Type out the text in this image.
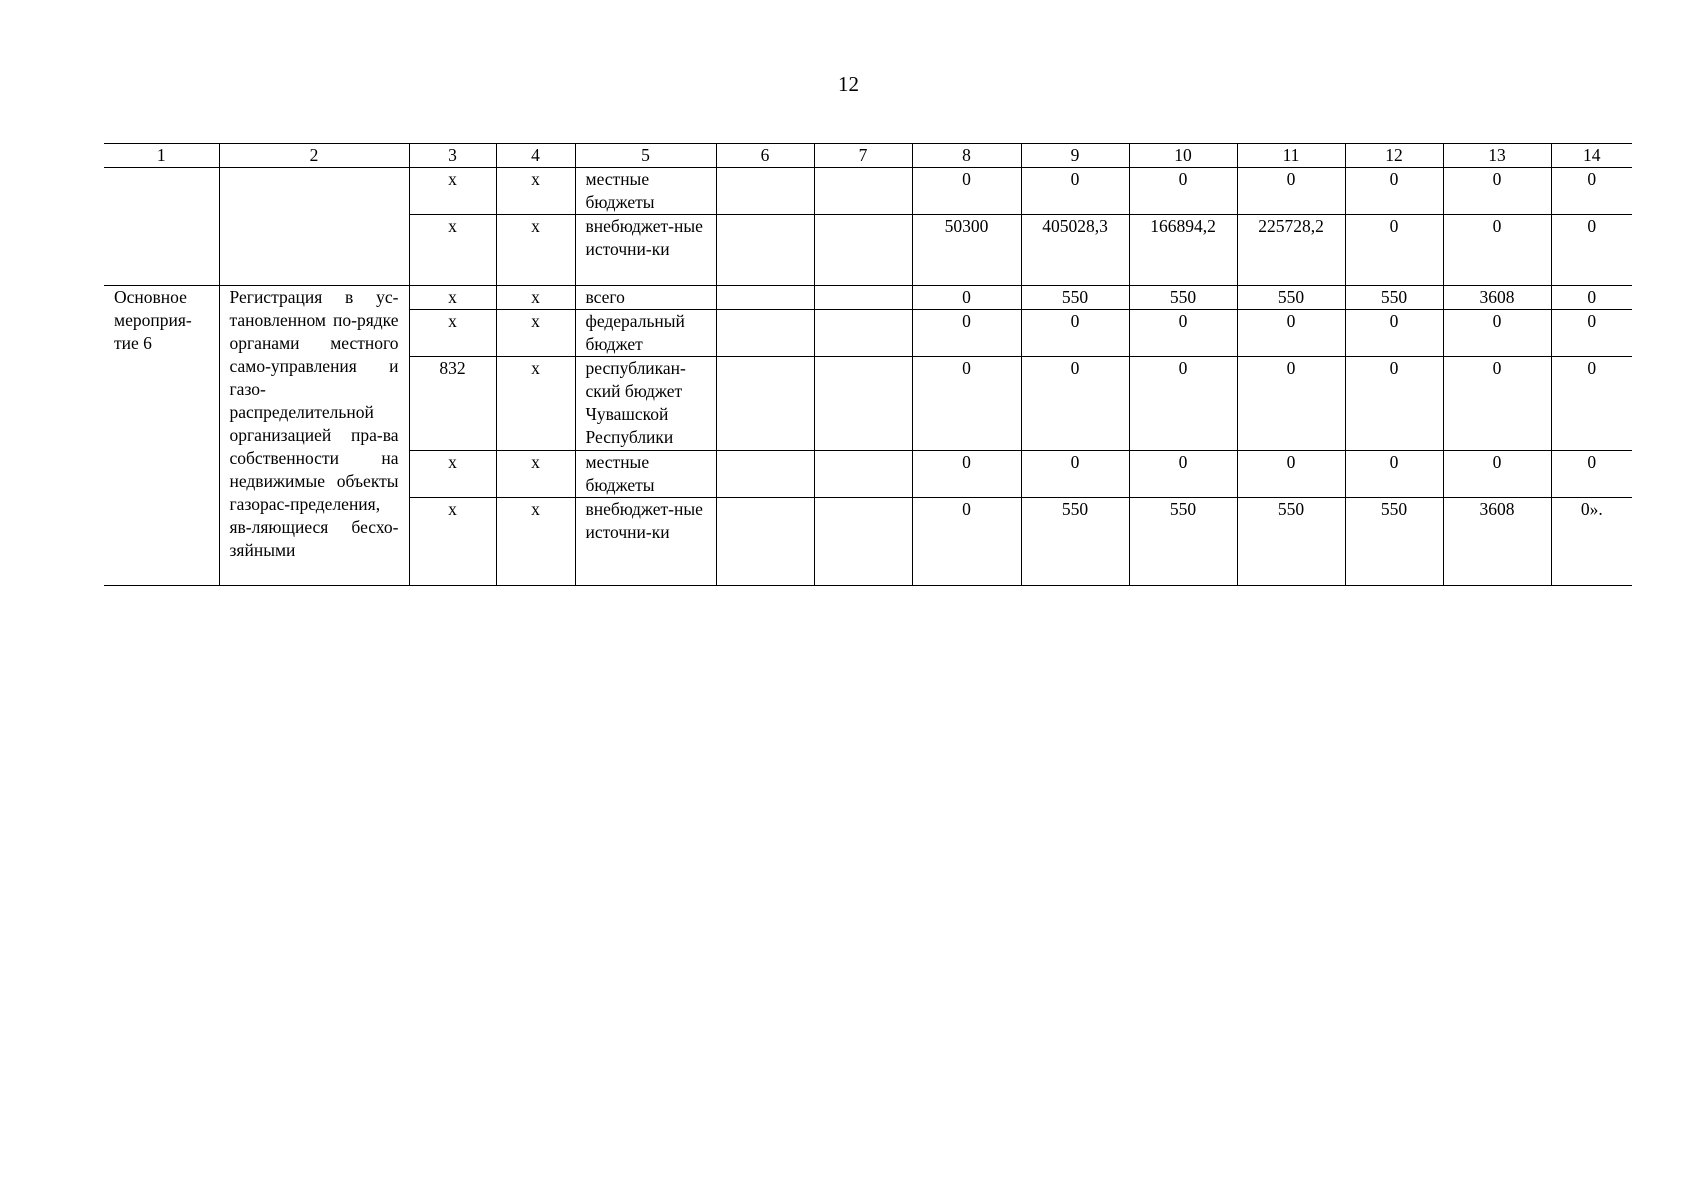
12
1	2	3	4	5	6	7	8	9	10	11	12	13	14
		х	х	местные бюджеты			0	0	0	0	0	0	0
		х	х	внебюджет-ные источни-ки			50300	405028,3	166894,2	225728,2	0	0	0
Основное мероприя-тие 6	Регистрация в ус-тановленном по-рядке органами местного само-управления и газо-распределительной организацией пра-ва собственности на недвижимые объекты газорас-пределения, яв-ляющиеся бесхо-зяйными	х	х	всего			0	550	550	550	550	3608	0
		х	х	федеральный бюджет			0	0	0	0	0	0	0
		832	х	республикан-ский бюджет Чувашской Республики			0	0	0	0	0	0	0
		х	х	местные бюджеты			0	0	0	0	0	0	0
		х	х	внебюджет-ные источни-ки			0	550	550	550	550	3608	0».
